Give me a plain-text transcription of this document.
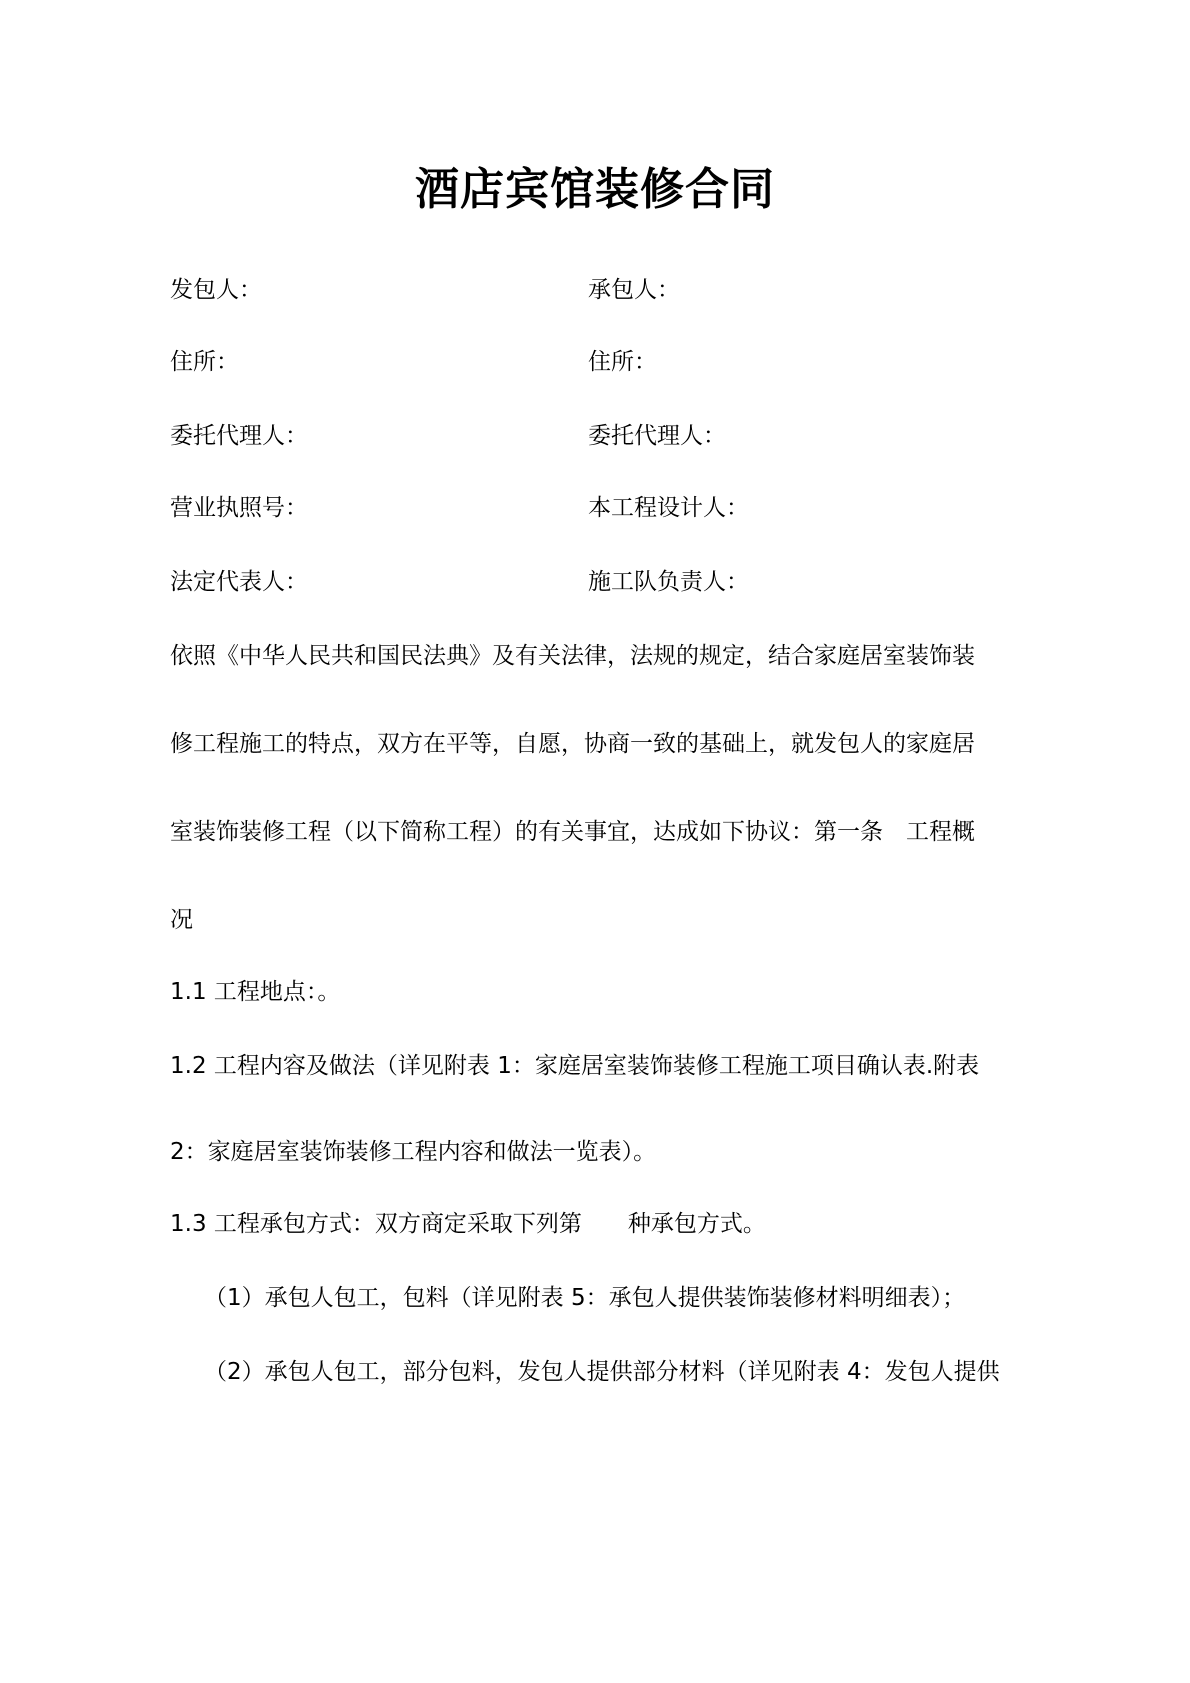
酒店宾馆装修合同
发包人：
住所：
委托代理人：
营业执照号：
法定代表人：
承包人：
住所：
委托代理人：
本工程设计人：
施工队负责人：
依照《中华人民共和国民法典》及有关法律，法规的规定，结合家庭居室装饰装
修工程施工的特点，双方在平等，自愿，协商一致的基础上，就发包人的家庭居
室装饰装修工程（以下简称工程）的有关事宜，达成如下协议：第一条　工程概
况
1.1 工程地点：。
1.2 工程内容及做法（详见附表 1：家庭居室装饰装修工程施工项目确认表.附表
2：家庭居室装饰装修工程内容和做法一览表）。
1.3 工程承包方式：双方商定采取下列第　　种承包方式。
（1）承包人包工，包料（详见附表 5：承包人提供装饰装修材料明细表）；
（2）承包人包工，部分包料，发包人提供部分材料（详见附表 4：发包人提供
